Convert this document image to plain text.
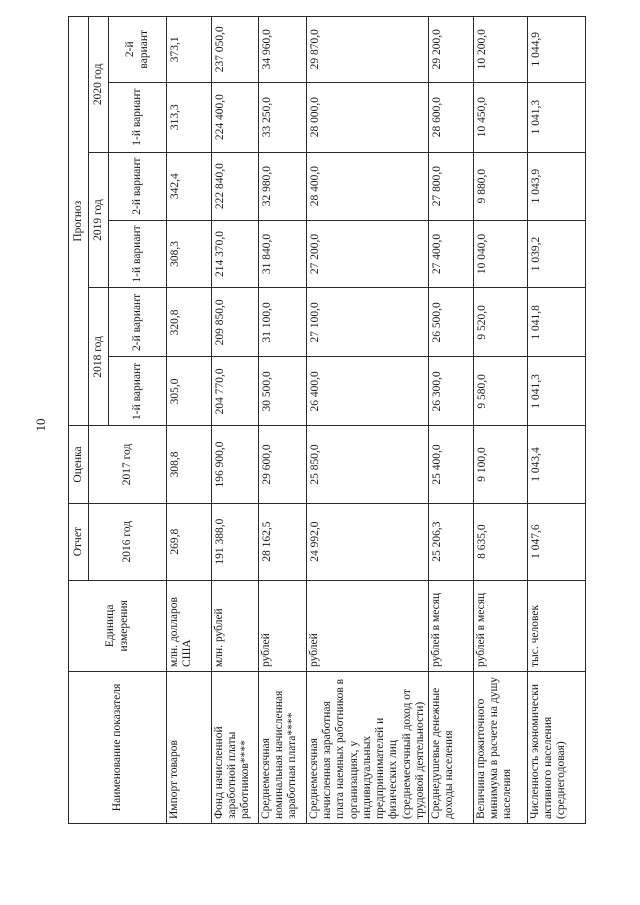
10
Наименование показателя	Единица измерения	Отчет	Оценка	Прогноз					
		2016 год	2017 год	2018 год		2019 год		2020 год	
				1-й вариант	2-й вариант	1-й вариант	2-й вариант	1-й вариант	2-й вариант

Импорт товаров	млн. долларов США	269,8	308,8	305,0	320,8	308,3	342,4	313,3	373,1
Фонд начисленной заработной платы работников****	млн. рублей	191 388,0	196 900,0	204 770,0	209 850,0	214 370,0	222 840,0	224 400,0	237 050,0
Среднемесячная номинальная начисленная заработная плата****	рублей	28 162,5	29 600,0	30 500,0	31 100,0	31 840,0	32 980,0	33 250,0	34 960,0
Среднемесячная начисленная заработная плата наемных работников в организациях, у индивидуальных предпринимателей и физических лиц (среднемесячный доход от трудовой деятельности)	рублей	24 992,0	25 850,0	26 400,0	27 100,0	27 200,0	28 400,0	28 000,0	29 870,0
Среднедушевые денежные доходы населения	рублей в месяц	25 206,3	25 400,0	26 300,0	26 500,0	27 400,0	27 800,0	28 600,0	29 200,0
Величина прожиточного минимума в расчете на душу населения	рублей в месяц	8 635,0	9 100,0	9 580,0	9 520,0	10 040,0	9 880,0	10 450,0	10 200,0
Численность экономически активного населения (среднегодовая)	тыс. человек	1 047,6	1 043,4	1 041,3	1 041,8	1 039,2	1 043,9	1 041,3	1 044,9
